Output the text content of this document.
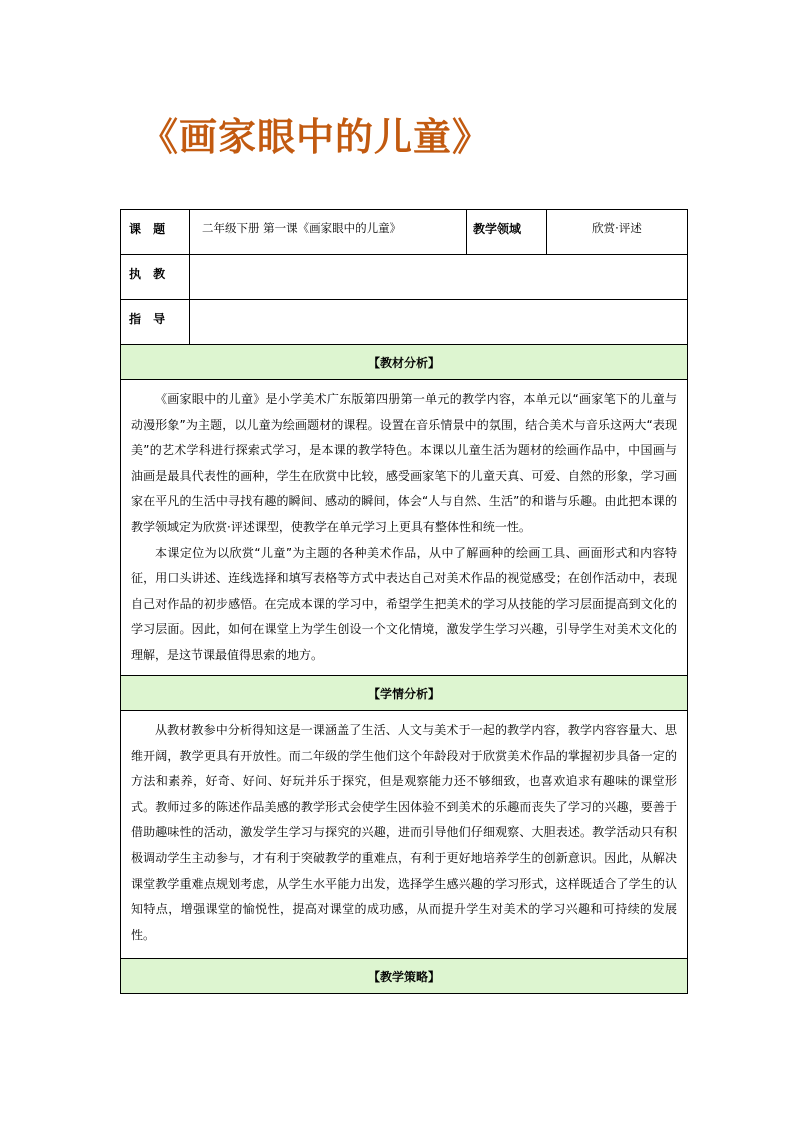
《画家眼中的儿童》
课 题	二年级下册 第一课《画家眼中的儿童》	教学领域	欣赏·评述
执 教			
指 导			
【教材分析】			

《画家眼中的儿童》是小学美术广东版第四册第一单元的教学内容，本单元以“画家笔下的儿童与动漫形象”为主题，以儿童为绘画题材的课程。设置在音乐情景中的氛围，结合美术与音乐这两大“表现美”的艺术学科进行探索式学习，是本课的教学特色。本课以儿童生活为题材的绘画作品中，中国画与油画是最具代表性的画种，学生在欣赏中比较，感受画家笔下的儿童天真、可爱、自然的形象，学习画家在平凡的生活中寻找有趣的瞬间、感动的瞬间，体会“人与自然、生活”的和谐与乐趣。由此把本课的教学领域定为欣赏·评述课型，使教学在单元学习上更具有整体性和统一性。

本课定位为以欣赏“儿童”为主题的各种美术作品，从中了解画种的绘画工具、画面形式和内容特征，用口头讲述、连线选择和填写表格等方式中表达自己对美术作品的视觉感受；在创作活动中，表现自己对作品的初步感悟。在完成本课的学习中，希望学生把美术的学习从技能的学习层面提高到文化的学习层面。因此，如何在课堂上为学生创设一个文化情境，激发学生学习兴趣，引导学生对美术文化的理解，是这节课最值得思索的地方。			

【学情分析】			

从教材教参中分析得知这是一课涵盖了生活、人文与美术于一起的教学内容，教学内容容量大、思维开阔，教学更具有开放性。而二年级的学生他们这个年龄段对于欣赏美术作品的掌握初步具备一定的方法和素养，好奇、好问、好玩并乐于探究，但是观察能力还不够细致，也喜欢追求有趣味的课堂形式。教师过多的陈述作品美感的教学形式会使学生因体验不到美术的乐趣而丧失了学习的兴趣，要善于借助趣味性的活动，激发学生学习与探究的兴趣，进而引导他们仔细观察、大胆表述。教学活动只有积极调动学生主动参与，才有利于突破教学的重难点，有利于更好地培养学生的创新意识。因此，从解决课堂教学重难点规划考虑，从学生水平能力出发，选择学生感兴趣的学习形式，这样既适合了学生的认知特点，增强课堂的愉悦性，提高对课堂的成功感，从而提升学生对美术的学习兴趣和可持续的发展性。			

【教学策略】			
